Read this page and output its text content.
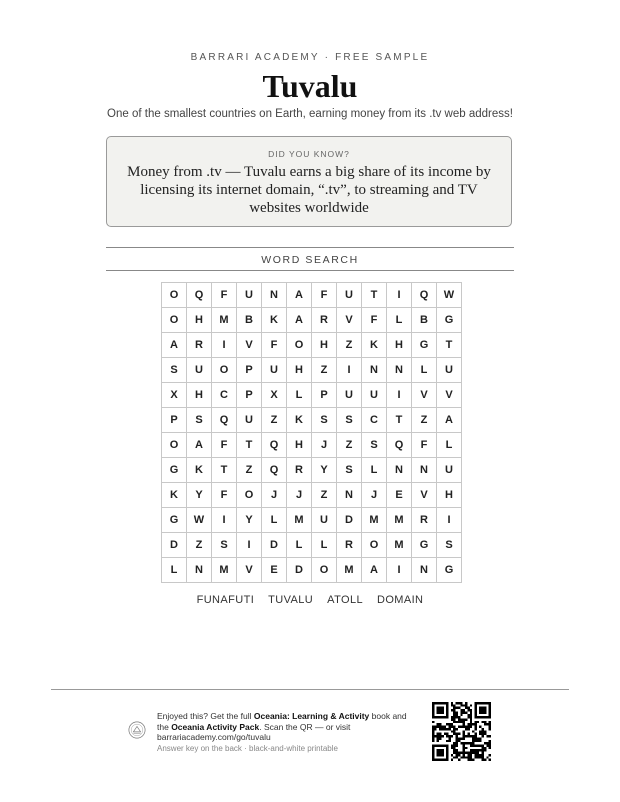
BARRARI ACADEMY · FREE SAMPLE
Tuvalu
One of the smallest countries on Earth, earning money from its .tv web address!
DID YOU KNOW?
Money from .tv — Tuvalu earns a big share of its income by licensing its internet domain, “.tv”, to streaming and TV websites worldwide
WORD SEARCH
O	Q	F	U	N	A	F	U	T	I	Q	W
O	H	M	B	K	A	R	V	F	L	B	G
A	R	I	V	F	O	H	Z	K	H	G	T
S	U	O	P	U	H	Z	I	N	N	L	U
X	H	C	P	X	L	P	U	U	I	V	V
P	S	Q	U	Z	K	S	S	C	T	Z	A
O	A	F	T	Q	H	J	Z	S	Q	F	L
G	K	T	Z	Q	R	Y	S	L	N	N	U
K	Y	F	O	J	J	Z	N	J	E	V	H
G	W	I	Y	L	M	U	D	M	M	R	I
D	Z	S	I	D	L	L	R	O	M	G	S
L	N	M	V	E	D	O	M	A	I	N	G
FUNAFUTI TUVALU ATOLL DOMAIN
Enjoyed this? Get the full Oceania: Learning & Activity book and the Oceania Activity Pack. Scan the QR — or visit barrariacademy.com/go/tuvalu
Answer key on the back · black-and-white printable
